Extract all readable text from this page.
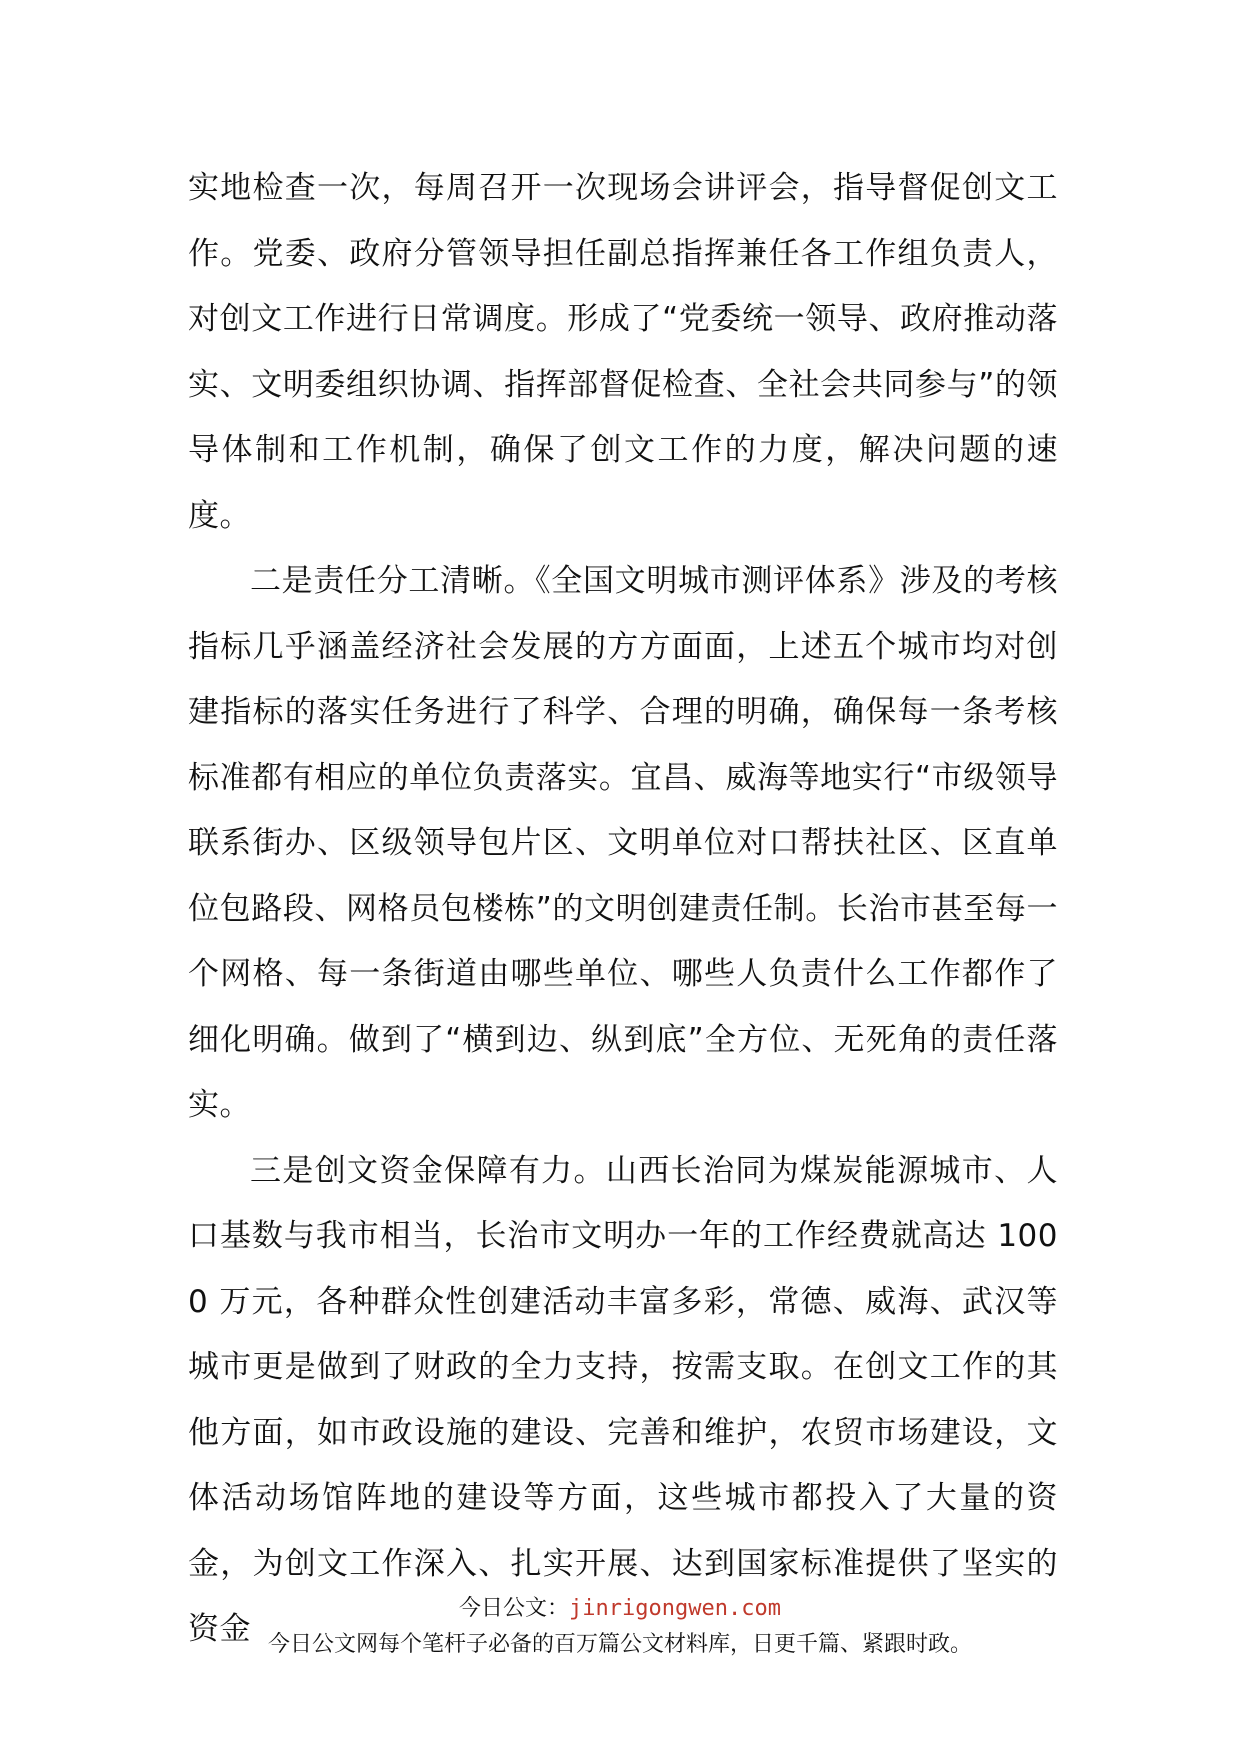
实地检查一次，每周召开一次现场会讲评会，指导督促创文工作。党委、政府分管领导担任副总指挥兼任各工作组负责人，对创文工作进行日常调度。形成了“党委统一领导、政府推动落实、文明委组织协调、指挥部督促检查、全社会共同参与”的领导体制和工作机制，确保了创文工作的力度，解决问题的速度。

二是责任分工清晰。《全国文明城市测评体系》涉及的考核指标几乎涵盖经济社会发展的方方面面，上述五个城市均对创建指标的落实任务进行了科学、合理的明确，确保每一条考核标准都有相应的单位负责落实。宜昌、威海等地实行“市级领导联系街办、区级领导包片区、文明单位对口帮扶社区、区直单位包路段、网格员包楼栋”的文明创建责任制。长治市甚至每一个网格、每一条街道由哪些单位、哪些人负责什么工作都作了细化明确。做到了“横到边、纵到底”全方位、无死角的责任落实。

三是创文资金保障有力。山西长治同为煤炭能源城市、人口基数与我市相当，长治市文明办一年的工作经费就高达 1000 万元，各种群众性创建活动丰富多彩，常德、威海、武汉等城市更是做到了财政的全力支持，按需支取。在创文工作的其他方面，如市政设施的建设、完善和维护，农贸市场建设，文体活动场馆阵地的建设等方面，这些城市都投入了大量的资金，为创文工作深入、扎实开展、达到国家标准提供了坚实的资金

今日公文：jinrigongwen.com
今日公文网每个笔杆子必备的百万篇公文材料库，日更千篇、紧跟时政。
